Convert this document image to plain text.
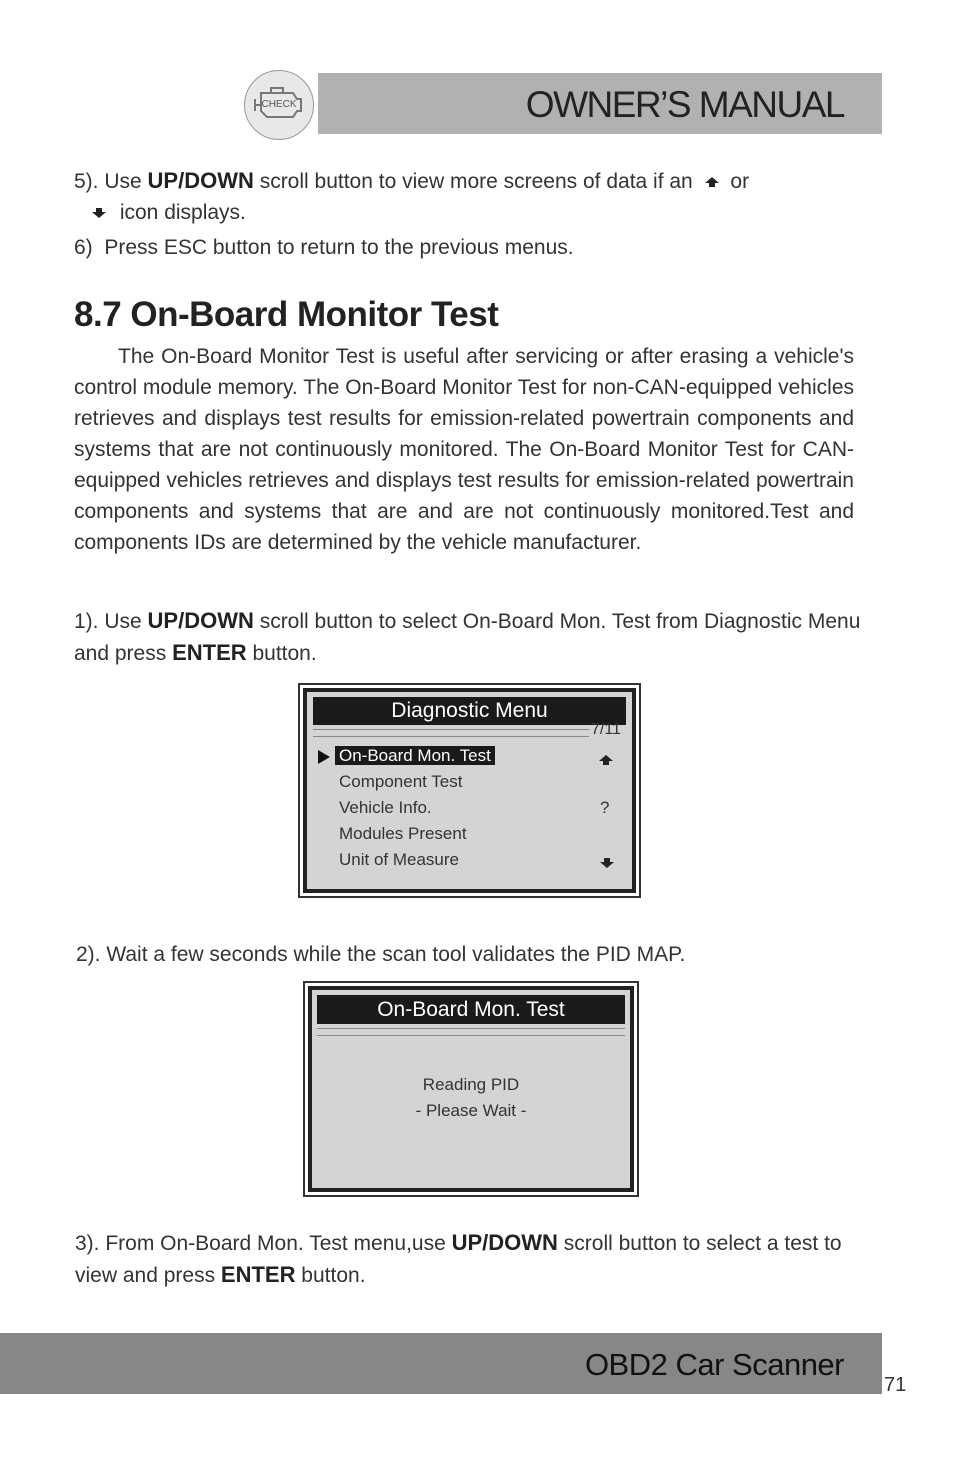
CHECK	OWNER’S MANUAL
5). Use UP/DOWN scroll button to view more screens of data if an  or
icon displays.
6)  Press ESC button to return to the previous menus.
8.7 On-Board Monitor Test
The On-Board Monitor Test is useful after servicing or after erasing a vehicle's control module memory. The On-Board Monitor Test for non-CAN-equipped vehicles retrieves and displays test results for emission-related powertrain components and systems that are not continuously monitored. The On-Board Monitor Test for CAN-equipped vehicles retrieves and displays test results for emission-related powertrain components and systems that are and are not continuously monitored.Test and components IDs are determined by the vehicle manufacturer.
1). Use UP/DOWN scroll button to select On-Board Mon. Test from Diagnostic Menu and press ENTER button.
Diagnostic Menu
7/11
On-Board Mon. Test
Component Test
Vehicle Info.
Modules Present
Unit of Measure
?
2). Wait a few seconds while the scan tool validates the PID MAP.
On-Board Mon. Test
Reading PID
- Please Wait -
3). From On-Board Mon. Test menu,use UP/DOWN scroll button to select a test to view and press ENTER button.
OBD2 Car Scanner
71
